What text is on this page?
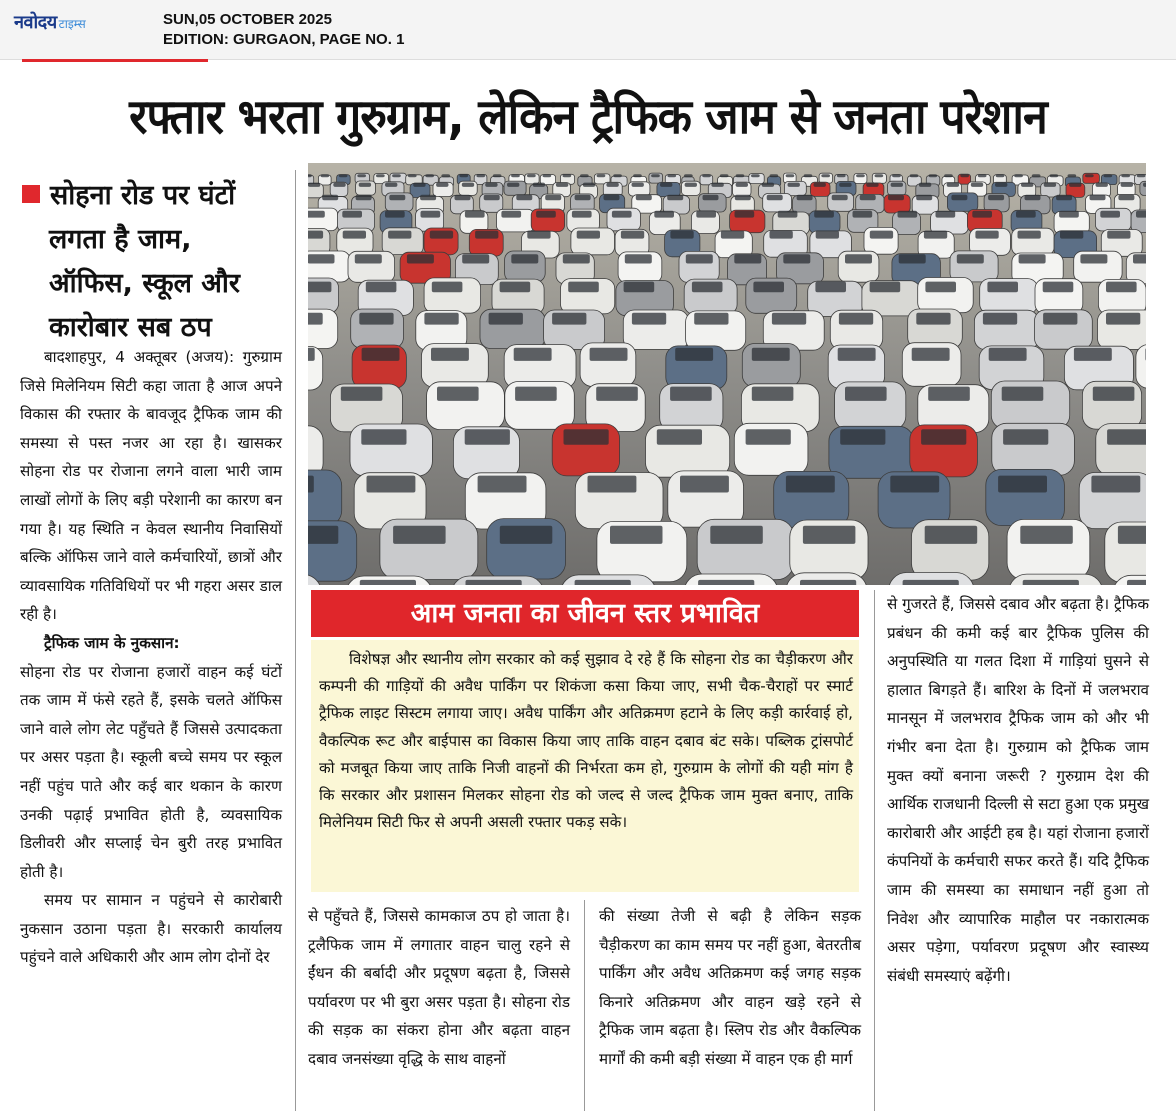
नवोदय टाइम्स	SUN,05 OCTOBER 2025
EDITION: GURGAON, PAGE NO. 1
रफ्तार भरता गुरुग्राम, लेकिन ट्रैफिक जाम से जनता परेशान
सोहना रोड पर घंटों
लगता है जाम,
ऑफिस, स्कूल और
कारोबार सब ठप

बादशाहपुर, 4 अक्तूबर (अजय): गुरुग्राम जिसे मिलेनियम सिटी कहा जाता है आज अपने विकास की रफ्तार के बावजूद ट्रैफिक जाम की समस्या से पस्त नजर आ रहा है। खासकर सोहना रोड पर रोजाना लगने वाला भारी जाम लाखों लोगों के लिए बड़ी परेशानी का कारण बन गया है। यह स्थिति न केवल स्थानीय निवासियों बल्कि ऑफिस जाने वाले कर्मचारियों, छात्रों और व्यावसायिक गतिविधियों पर भी गहरा असर डाल रही है।

ट्रैफिक जाम के नुकसान:
सोहना रोड पर रोजाना हजारों वाहन कई घंटों तक जाम में फंसे रहते हैं, इसके चलते ऑफिस जाने वाले लोग लेट पहुँचते हैं जिससे उत्पादकता पर असर पड़ता है। स्कूली बच्चे समय पर स्कूल नहीं पहुंच पाते और कई बार थकान के कारण उनकी पढ़ाई प्रभावित होती है, व्यवसायिक डिलीवरी और सप्लाई चेन बुरी तरह प्रभावित होती है।

समय पर सामान न पहुंचने से कारोबारी नुकसान उठाना पड़ता है। सरकारी कार्यालय पहुंचने वाले अधिकारी और आम लोग दोनों देर

आम जनता का जीवन स्तर प्रभावित

विशेषज्ञ और स्थानीय लोग सरकार को कई सुझाव दे रहे हैं कि सोहना रोड का चैड़ीकरण और कम्पनी की गाड़ियों की अवैध पार्किंग पर शिकंजा कसा किया जाए, सभी चैक-चैराहों पर स्मार्ट ट्रैफिक लाइट सिस्टम लगाया जाए। अवैध पार्किंग और अतिक्रमण हटाने के लिए कड़ी कार्रवाई हो, वैकल्पिक रूट और बाईपास का विकास किया जाए ताकि वाहन दबाव बंट सके। पब्लिक ट्रांसपोर्ट को मजबूत किया जाए ताकि निजी वाहनों की निर्भरता कम हो, गुरुग्राम के लोगों की यही मांग है कि सरकार और प्रशासन मिलकर सोहना रोड को जल्द से जल्द ट्रैफिक जाम मुक्त बनाए, ताकि मिलेनियम सिटी फिर से अपनी असली रफ्तार पकड़ सके।

से पहुँचते हैं, जिससे कामकाज ठप हो जाता है। ट्रलैफिक जाम में लगातार वाहन चालु रहने से ईंधन की बर्बादी और प्रदूषण बढ़ता है, जिससे पर्यावरण पर भी बुरा असर पड़ता है। सोहना रोड की सड़क का संकरा होना और बढ़ता वाहन दबाव जनसंख्या वृद्धि के साथ वाहनों

की संख्या तेजी से बढ़ी है लेकिन सड़क चैड़ीकरण का काम समय पर नहीं हुआ, बेतरतीब पार्किंग और अवैध अतिक्रमण कई जगह सड़क किनारे अतिक्रमण और वाहन खड़े रहने से ट्रैफिक जाम बढ़ता है। स्लिप रोड और वैकल्पिक मार्गों की कमी बड़ी संख्या में वाहन एक ही मार्ग

से गुजरते हैं, जिससे दबाव और बढ़ता है। ट्रैफिक प्रबंधन की कमी कई बार ट्रैफिक पुलिस की अनुपस्थिति या गलत दिशा में गाड़ियां घुसने से हालात बिगड़ते हैं। बारिश के दिनों में जलभराव मानसून में जलभराव ट्रैफिक जाम को और भी गंभीर बना देता है। गुरुग्राम को ट्रैफिक जाम मुक्त क्यों बनाना जरूरी ? गुरुग्राम देश की आर्थिक राजधानी दिल्ली से सटा हुआ एक प्रमुख कारोबारी और आईटी हब है। यहां रोजाना हजारों कंपनियों के कर्मचारी सफर करते हैं। यदि ट्रैफिक जाम की समस्या का समाधान नहीं हुआ तो निवेश और व्यापारिक माहौल पर नकारात्मक असर पड़ेगा, पर्यावरण प्रदूषण और स्वास्थ्य संबंधी समस्याएं बढ़ेंगी।
